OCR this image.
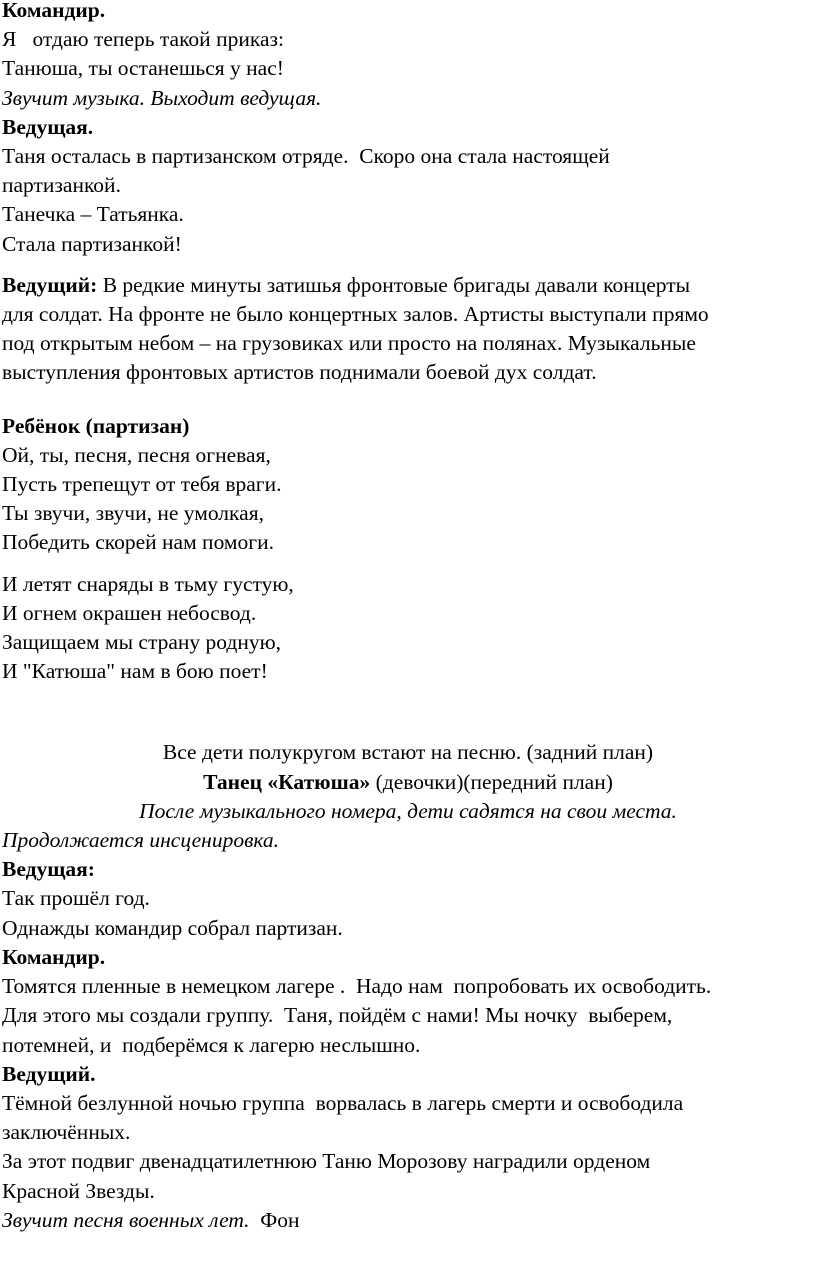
Командир.

Я   отдаю теперь такой приказ:

Танюша, ты останешься у нас!

Звучит музыка. Выходит ведущая.

Ведущая.

Таня осталась в партизанском отряде.  Скоро она стала настоящей

партизанкой.

Танечка – Татьянка.

Стала партизанкой!

Ведущий: В редкие минуты затишья фронтовые бригады давали концерты

для солдат. На фронте не было концертных залов. Артисты выступали прямо

под открытым небом – на грузовиках или просто на полянах. Музыкальные

выступления фронтовых артистов поднимали боевой дух солдат.

Ребёнок (партизан)

Ой, ты, песня, песня огневая,

Пусть трепещут от тебя враги.

Ты звучи, звучи, не умолкая,

Победить скорей нам помоги.

И летят снаряды в тьму густую,

И огнем окрашен небосвод.

Защищаем мы страну родную,

И "Катюша" нам в бою поет!

Все дети полукругом встают на песню. (задний план)

Танец «Катюша» (девочки)(передний план)

После музыкального номера, дети садятся на свои места.

Продолжается инсценировка.

Ведущая:

Так прошёл год.

Однажды командир собрал партизан.

Командир.

Томятся пленные в немецком лагере .  Надо нам  попробовать их освободить.

Для этого мы создали группу.  Таня, пойдём с нами! Мы ночку  выберем,

потемней, и  подберёмся к лагерю неслышно.

Ведущий.

Тёмной безлунной ночью группа  ворвалась в лагерь смерти и освободила

заключённых.

За этот подвиг двенадцатилетнюю Таню Морозову наградили орденом

Красной Звезды.

Звучит песня военных лет.  Фон
